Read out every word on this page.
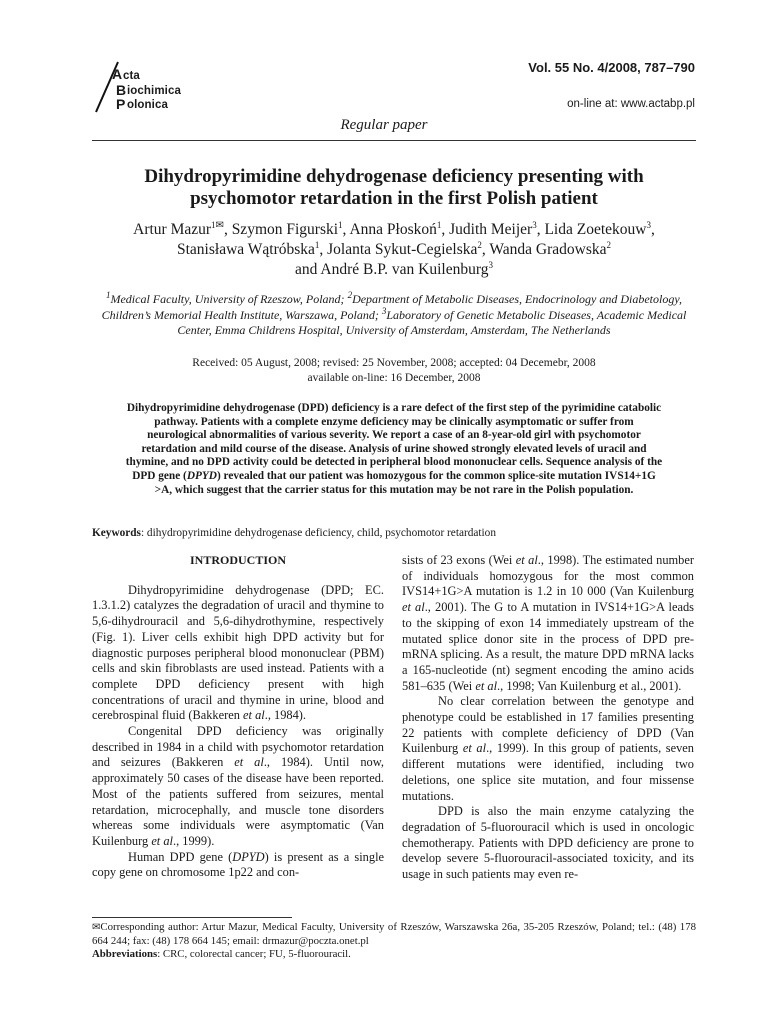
A cta
B iochimica
P olonica
Vol. 55 No. 4/2008, 787–790
on-line at: www.actabp.pl
Regular paper
Dihydropyrimidine dehydrogenase deficiency presenting with psychomotor retardation in the first Polish patient
Artur Mazur$^{1✉}$, Szymon Figurski$^1$, Anna Płoskoń$^1$, Judith Meijer$^3$, Lida Zoetekouw$^3$,
Stanisława Wątróbska$^1$, Jolanta Sykut-Cegielska$^2$, Wanda Gradowska$^2$
and André B.P. van Kuilenburg$^3$
$^1$Medical Faculty, University of Rzeszow, Poland; $^2$Department of Metabolic Diseases, Endocrinology and Diabetology, Children’s Memorial Health Institute, Warszawa, Poland; $^3$Laboratory of Genetic Metabolic Diseases, Academic Medical Center, Emma Childrens Hospital, University of Amsterdam, Amsterdam, The Netherlands
Received: 05 August, 2008; revised: 25 November, 2008; accepted: 04 Decemebr, 2008
available on-line: 16 December, 2008
Dihydropyrimidine dehydrogenase (DPD) deficiency is a rare defect of the first step of the pyrimidine catabolic pathway. Patients with a complete enzyme deficiency may be clinically asymptomatic or suffer from neurological abnormalities of various severity. We report a case of an 8-year-old girl with psychomotor retardation and mild course of the disease. Analysis of urine showed strongly elevated levels of uracil and thymine, and no DPD activity could be detected in peripheral blood mononuclear cells. Sequence analysis of the DPD gene (DPYD) revealed that our patient was homozygous for the common splice-site mutation IVS14+1G >A, which suggest that the carrier status for this mutation may be not rare in the Polish population.
Keywords: dihydropyrimidine dehydrogenase deficiency, child, psychomotor retardation

INTRODUCTION

Dihydropyrimidine dehydrogenase (DPD; EC. 1.3.1.2) catalyzes the degradation of uracil and thymine to 5,6-dihydrouracil and 5,6-dihydrothymine, respectively (Fig. 1). Liver cells exhibit high DPD activity but for diagnostic purposes peripheral blood mononuclear (PBM) cells and skin fibroblasts are used instead. Patients with a complete DPD deficiency present with high concentrations of uracil and thymine in urine, blood and cerebrospinal fluid (Bakkeren et al., 1984).

Congenital DPD deficiency was originally described in 1984 in a child with psychomotor retardation and seizures (Bakkeren et al., 1984). Until now, approximately 50 cases of the disease have been reported. Most of the patients suffered from seizures, mental retardation, microcephally, and muscle tone disorders whereas some individuals were asymptomatic (Van Kuilenburg et al., 1999).

Human DPD gene (DPYD) is present as a single copy gene on chromosome 1p22 and con-

sists of 23 exons (Wei et al., 1998). The estimated number of individuals homozygous for the most common IVS14+1G>A mutation is 1.2 in 10 000 (Van Kuilenburg et al., 2001). The G to A mutation in IVS14+1G>A leads to the skipping of exon 14 immediately upstream of the mutated splice donor site in the process of DPD pre-mRNA splicing. As a result, the mature DPD mRNA lacks a 165-nucleotide (nt) segment encoding the amino acids 581–635 (Wei et al., 1998; Van Kuilenburg et al., 2001).

No clear correlation between the genotype and phenotype could be established in 17 families presenting 22 patients with complete deficiency of DPD (Van Kuilenburg et al., 1999). In this group of patients, seven different mutations were identified, including two deletions, one splice site mutation, and four missense mutations.

DPD is also the main enzyme catalyzing the degradation of 5-fluorouracil which is used in oncologic chemotherapy. Patients with DPD deficiency are prone to develop severe 5-fluorouracil-associated toxicity, and its usage in such patients may even re-

✉Corresponding author: Artur Mazur, Medical Faculty, University of Rzeszów, Warszawska 26a, 35-205 Rzeszów, Poland; tel.: (48) 178 664 244; fax: (48) 178 664 145; email: drmazur@poczta.onet.pl
Abbreviations: CRC, colorectal cancer; FU, 5-fluorouracil.
